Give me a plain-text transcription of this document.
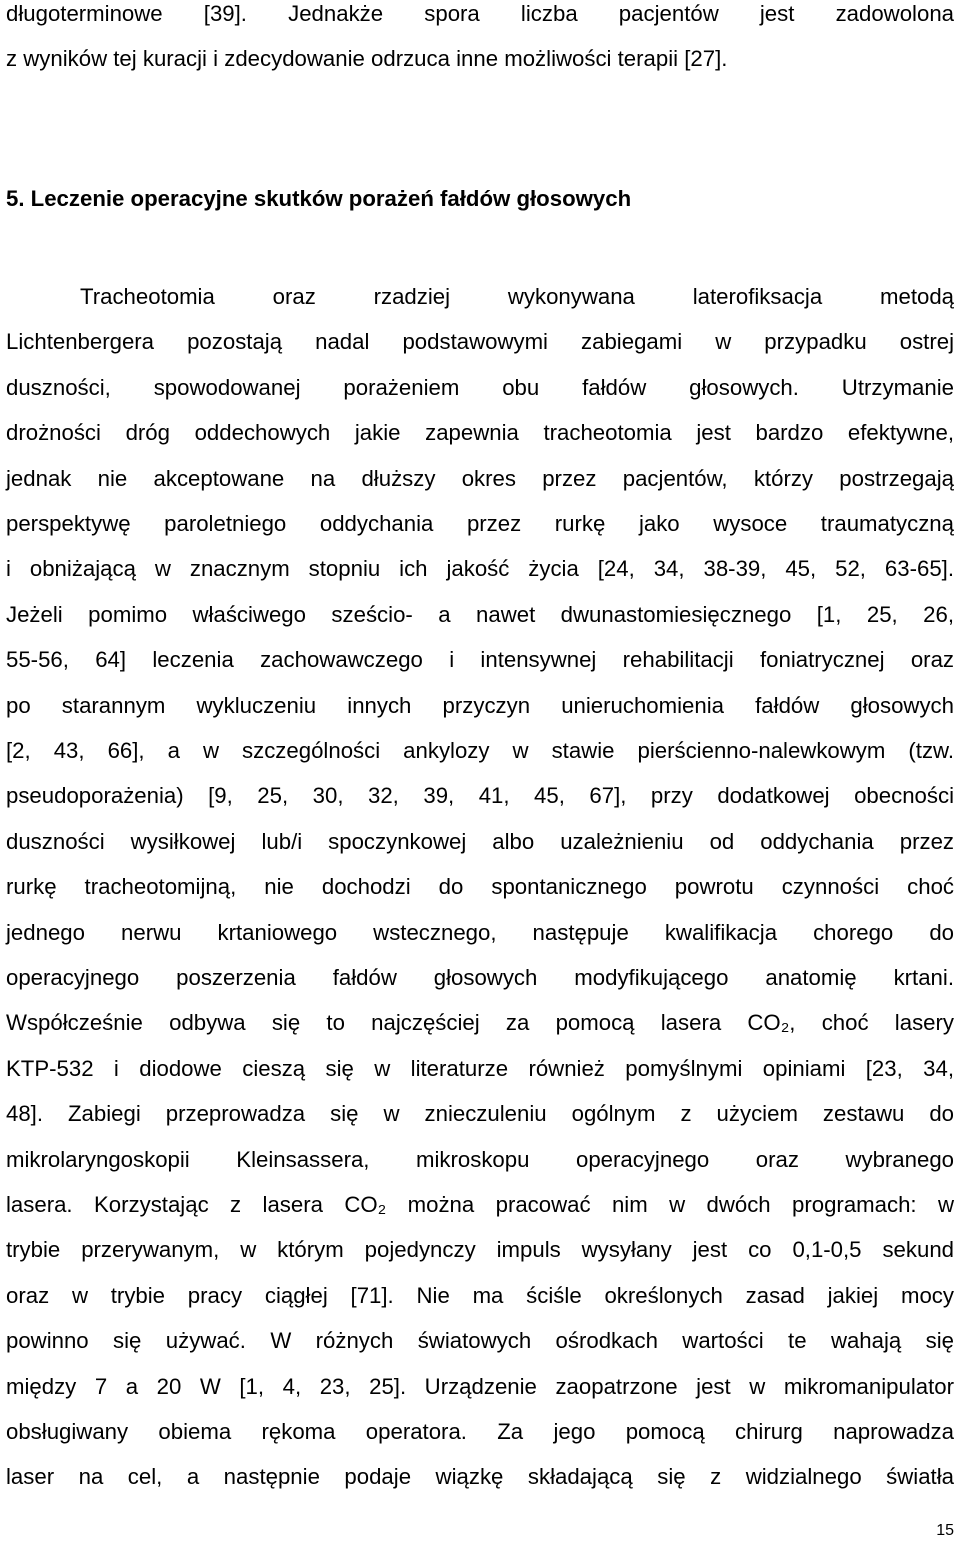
długoterminowe [39]. Jednakże spora liczba pacjentów jest zadowolona

z wyników tej kuracji i zdecydowanie odrzuca inne możliwości terapii [27].

5. Leczenie operacyjne skutków porażeń fałdów głosowych

Tracheotomia oraz rzadziej wykonywana laterofiksacja metodą

Lichtenbergera pozostają nadal podstawowymi zabiegami w przypadku ostrej

duszności, spowodowanej porażeniem obu fałdów głosowych. Utrzymanie

drożności dróg oddechowych jakie zapewnia tracheotomia jest bardzo efektywne,

jednak nie akceptowane na dłuższy okres przez pacjentów, którzy postrzegają

perspektywę paroletniego oddychania przez rurkę jako wysoce traumatyczną

i obniżającą w znacznym stopniu ich jakość życia [24, 34, 38-39, 45, 52, 63-65].

Jeżeli pomimo właściwego sześcio- a nawet dwunastomiesięcznego [1, 25, 26,

55-56, 64] leczenia zachowawczego i intensywnej rehabilitacji foniatrycznej oraz

po starannym wykluczeniu innych przyczyn unieruchomienia fałdów głosowych

[2, 43, 66], a w szczególności ankylozy w stawie pierścienno-nalewkowym (tzw.

pseudoporażenia) [9, 25, 30, 32, 39, 41, 45, 67], przy dodatkowej obecności

duszności wysiłkowej lub/i spoczynkowej albo uzależnieniu od oddychania przez

rurkę tracheotomijną, nie dochodzi do spontanicznego powrotu czynności choć

jednego nerwu krtaniowego wstecznego, następuje kwalifikacja chorego do

operacyjnego poszerzenia fałdów głosowych modyfikującego anatomię krtani.

Współcześnie odbywa się to najczęściej za pomocą lasera CO₂, choć lasery

KTP-532 i diodowe cieszą się w literaturze również pomyślnymi opiniami [23, 34,

48]. Zabiegi przeprowadza się w znieczuleniu ogólnym z użyciem zestawu do

mikrolaryngoskopii Kleinsassera, mikroskopu operacyjnego oraz wybranego

lasera. Korzystając z lasera CO₂ można pracować nim w dwóch programach: w

trybie przerywanym, w którym pojedynczy impuls wysyłany jest co 0,1-0,5 sekund

oraz w trybie pracy ciągłej [71]. Nie ma ściśle określonych zasad jakiej mocy

powinno się używać. W różnych światowych ośrodkach wartości te wahają się

między 7 a 20 W [1, 4, 23, 25]. Urządzenie zaopatrzone jest w mikromanipulator

obsługiwany obiema rękoma operatora. Za jego pomocą chirurg naprowadza

laser na cel, a następnie podaje wiązkę składającą się z widzialnego światła

15
